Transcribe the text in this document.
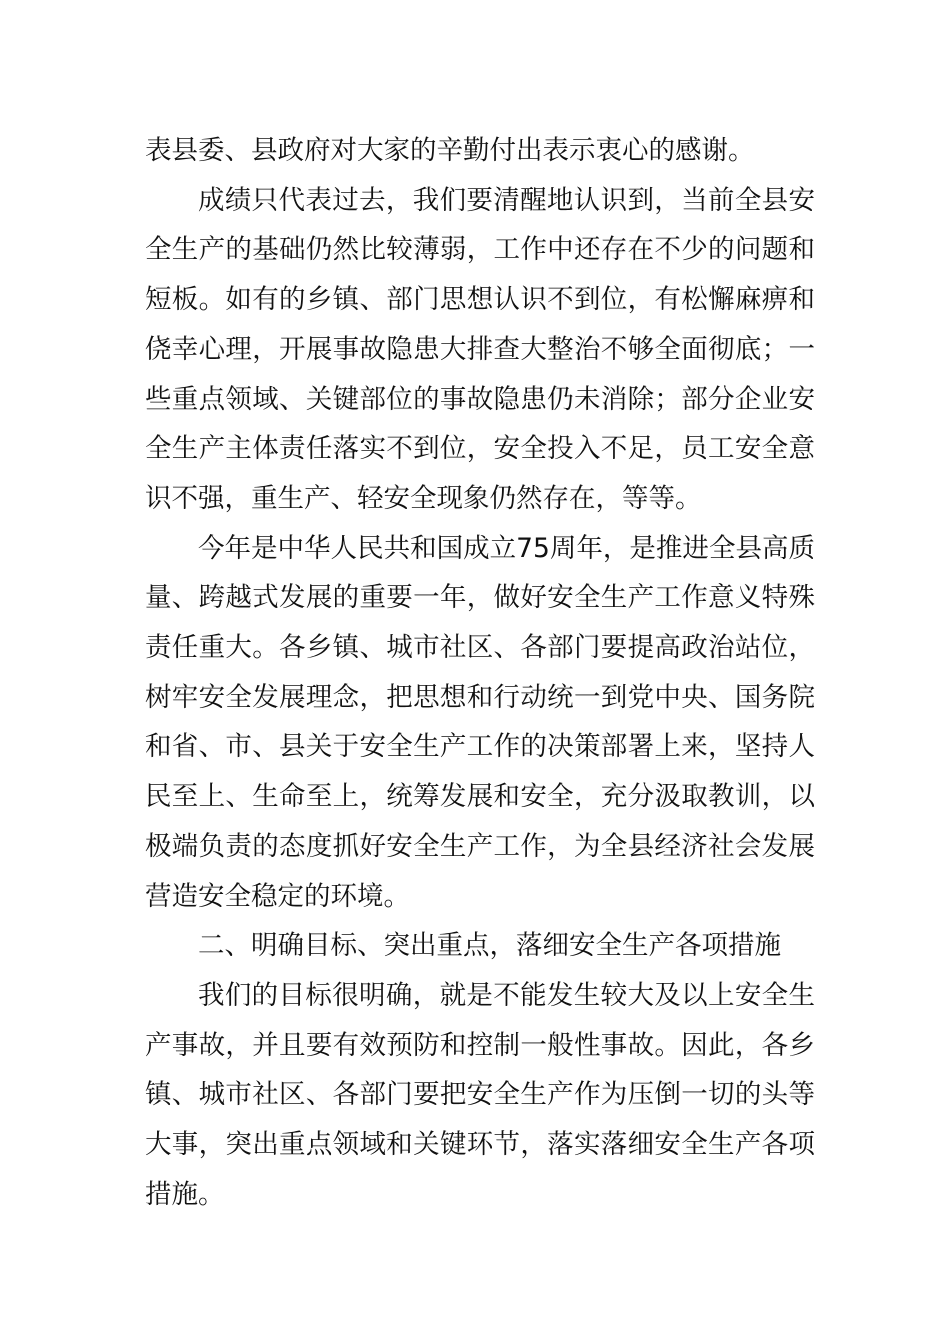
表县委、县政府对大家的辛勤付出表示衷心的感谢。

成绩只代表过去，我们要清醒地认识到，当前全县安全生产的基础仍然比较薄弱，工作中还存在不少的问题和短板。如有的乡镇、部门思想认识不到位，有松懈麻痹和侥幸心理，开展事故隐患大排查大整治不够全面彻底；一些重点领域、关键部位的事故隐患仍未消除；部分企业安全生产主体责任落实不到位，安全投入不足，员工安全意识不强，重生产、轻安全现象仍然存在，等等。

今年是中华人民共和国成立75周年，是推进全县高质量、跨越式发展的重要一年，做好安全生产工作意义特殊责任重大。各乡镇、城市社区、各部门要提高政治站位，树牢安全发展理念，把思想和行动统一到党中央、国务院和省、市、县关于安全生产工作的决策部署上来，坚持人民至上、生命至上，统筹发展和安全，充分汲取教训，以极端负责的态度抓好安全生产工作，为全县经济社会发展营造安全稳定的环境。

二、明确目标、突出重点，落细安全生产各项措施

我们的目标很明确，就是不能发生较大及以上安全生产事故，并且要有效预防和控制一般性事故。因此，各乡镇、城市社区、各部门要把安全生产作为压倒一切的头等大事，突出重点领域和关键环节，落实落细安全生产各项措施。
